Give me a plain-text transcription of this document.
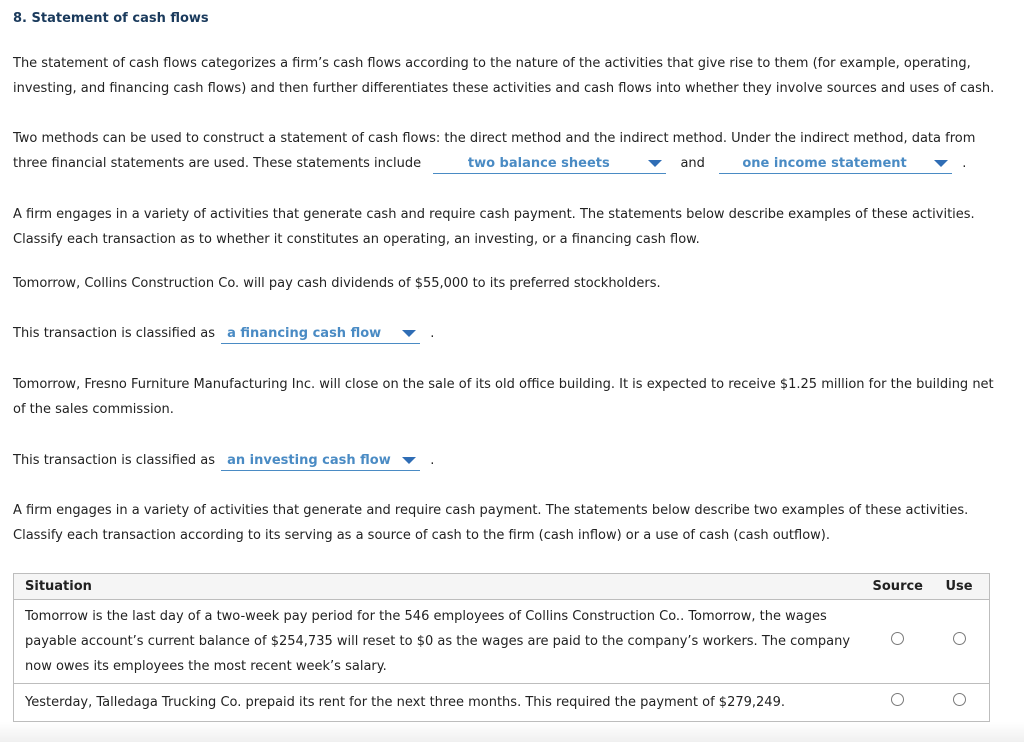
8. Statement of cash flows

The statement of cash flows categorizes a firm’s cash flows according to the nature of the activities that give rise to them (for example, operating, investing, and financing cash flows) and then further differentiates these activities and cash flows into whether they involve sources and uses of cash.

Two methods can be used to construct a statement of cash flows: the direct method and the indirect method. Under the indirect method, data from three financial statements are used. These statements include	two balance sheets	and	one income statement	.

A firm engages in a variety of activities that generate cash and require cash payment. The statements below describe examples of these activities. Classify each transaction as to whether it constitutes an operating, an investing, or a financing cash flow.

Tomorrow, Collins Construction Co. will pay cash dividends of $55,000 to its preferred stockholders.

This transaction is classified as a financing cash flow	.

Tomorrow, Fresno Furniture Manufacturing Inc. will close on the sale of its old office building. It is expected to receive $1.25 million for the building net of the sales commission.

This transaction is classified as an investing cash flow	.

A firm engages in a variety of activities that generate and require cash payment. The statements below describe two examples of these activities. Classify each transaction according to its serving as a source of cash to the firm (cash inflow) or a use of cash (cash outflow).

Situation	Source	Use
Tomorrow is the last day of a two-week pay period for the 546 employees of Collins Construction Co.. Tomorrow, the wages payable account’s current balance of $254,735 will reset to $0 as the wages are paid to the company’s workers. The company now owes its employees the most recent week’s salary.		
Yesterday, Talledaga Trucking Co. prepaid its rent for the next three months. This required the payment of $279,249.		
